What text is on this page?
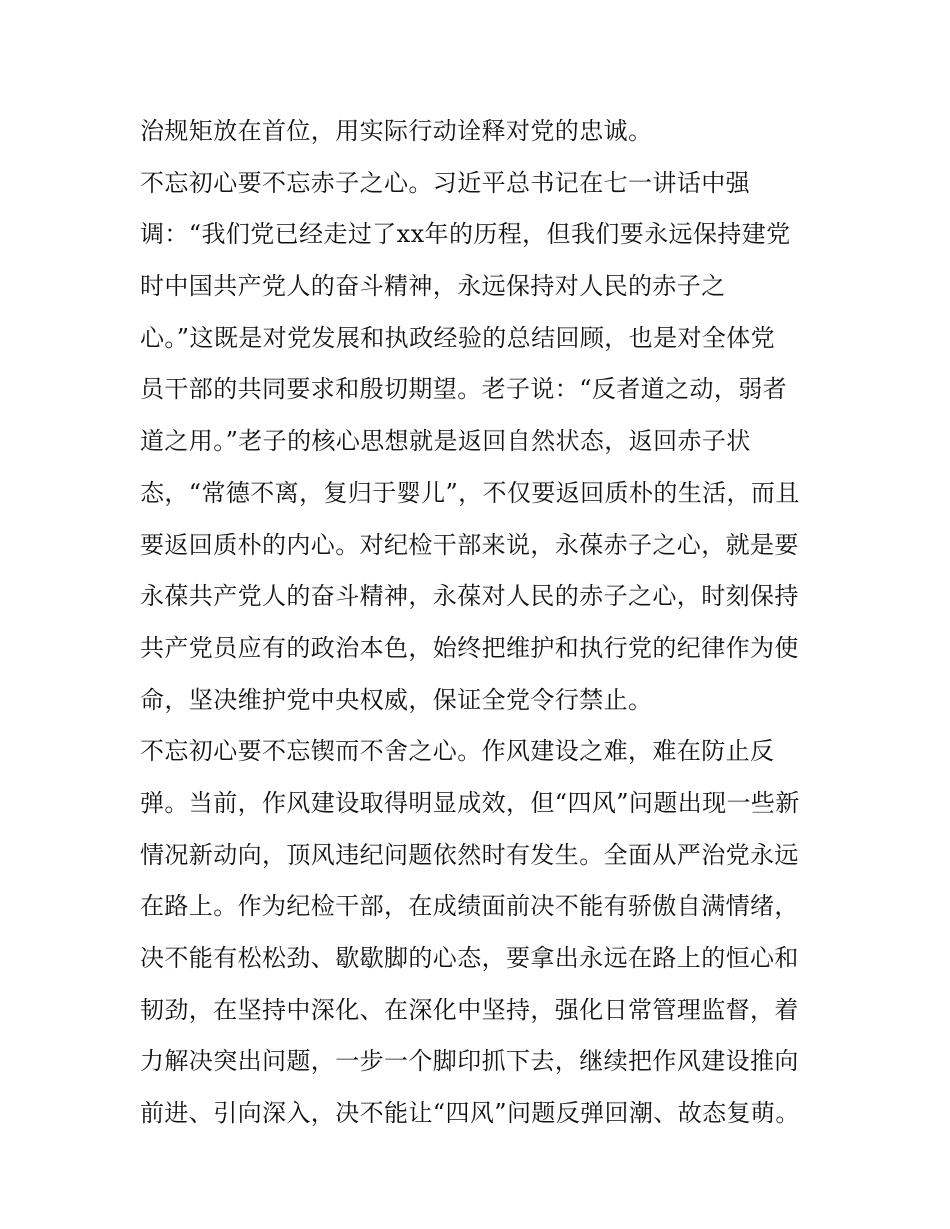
治规矩放在首位，用实际行动诠释对党的忠诚。
不忘初心要不忘赤子之心。习近平总书记在七一讲话中强
调：“我们党已经走过了xx年的历程，但我们要永远保持建党
时中国共产党人的奋斗精神，永远保持对人民的赤子之
心。”这既是对党发展和执政经验的总结回顾，也是对全体党
员干部的共同要求和殷切期望。老子说：“反者道之动，弱者
道之用。”老子的核心思想就是返回自然状态，返回赤子状
态，“常德不离，复归于婴儿”，不仅要返回质朴的生活，而且
要返回质朴的内心。对纪检干部来说，永葆赤子之心，就是要
永葆共产党人的奋斗精神，永葆对人民的赤子之心，时刻保持
共产党员应有的政治本色，始终把维护和执行党的纪律作为使
命，坚决维护党中央权威，保证全党令行禁止。
不忘初心要不忘锲而不舍之心。作风建设之难，难在防止反
弹。当前，作风建设取得明显成效，但“四风”问题出现一些新
情况新动向，顶风违纪问题依然时有发生。全面从严治党永远
在路上。作为纪检干部，在成绩面前决不能有骄傲自满情绪，
决不能有松松劲、歇歇脚的心态，要拿出永远在路上的恒心和
韧劲，在坚持中深化、在深化中坚持，强化日常管理监督，着
力解决突出问题，一步一个脚印抓下去，继续把作风建设推向
前进、引向深入，决不能让“四风”问题反弹回潮、故态复萌。
